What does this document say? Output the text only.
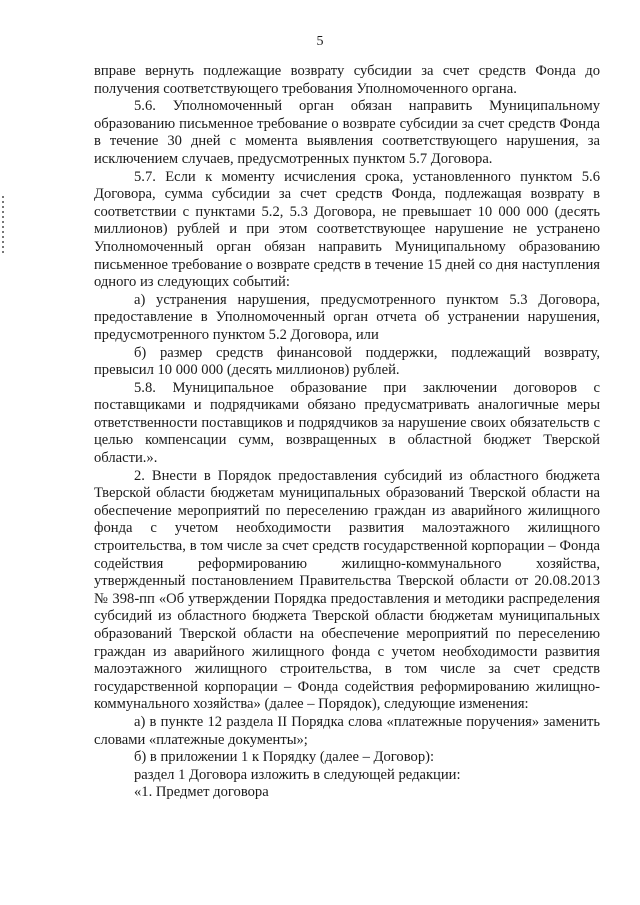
5

вправе вернуть подлежащие возврату субсидии за счет средств Фонда до получения соответствующего требования Уполномоченного органа.

5.6. Уполномоченный орган обязан направить Муниципальному образованию письменное требование о возврате субсидии за счет средств Фонда в течение 30 дней с момента выявления соответствующего нарушения, за исключением случаев, предусмотренных пунктом 5.7 Договора.

5.7. Если к моменту исчисления срока, установленного пунктом 5.6 Договора, сумма субсидии за счет средств Фонда, подлежащая возврату в соответствии с пунктами 5.2, 5.3 Договора, не превышает 10 000 000 (десять миллионов) рублей и при этом соответствующее нарушение не устранено Уполномоченный орган обязан направить Муниципальному образованию письменное требование о возврате средств в течение 15 дней со дня наступления одного из следующих событий:

а) устранения нарушения, предусмотренного пунктом 5.3 Договора, предоставление в Уполномоченный орган отчета об устранении нарушения, предусмотренного пунктом 5.2 Договора, или

б) размер средств финансовой поддержки, подлежащий возврату, превысил 10 000 000 (десять миллионов) рублей.

5.8. Муниципальное образование при заключении договоров с поставщиками и подрядчиками обязано предусматривать аналогичные меры ответственности поставщиков и подрядчиков за нарушение своих обязательств с целью компенсации сумм, возвращенных в областной бюджет Тверской области.».

2. Внести в Порядок предоставления субсидий из областного бюджета Тверской области бюджетам муниципальных образований Тверской области на обеспечение мероприятий по переселению граждан из аварийного жилищного фонда с учетом необходимости развития малоэтажного жилищного строительства, в том числе за счет средств государственной корпорации – Фонда содействия реформированию жилищно-коммунального хозяйства, утвержденный постановлением Правительства Тверской области от 20.08.2013 № 398-пп «Об утверждении Порядка предоставления и методики распределения субсидий из областного бюджета Тверской области бюджетам муниципальных образований Тверской области на обеспечение мероприятий по переселению граждан из аварийного жилищного фонда с учетом необходимости развития малоэтажного жилищного строительства, в том числе за счет средств государственной корпорации – Фонда содействия реформированию жилищно-коммунального хозяйства» (далее – Порядок), следующие изменения:

а) в пункте 12 раздела II Порядка слова «платежные поручения» заменить словами «платежные документы»;

б) в приложении 1 к Порядку (далее – Договор):

раздел 1 Договора изложить в следующей редакции:

«1. Предмет договора
